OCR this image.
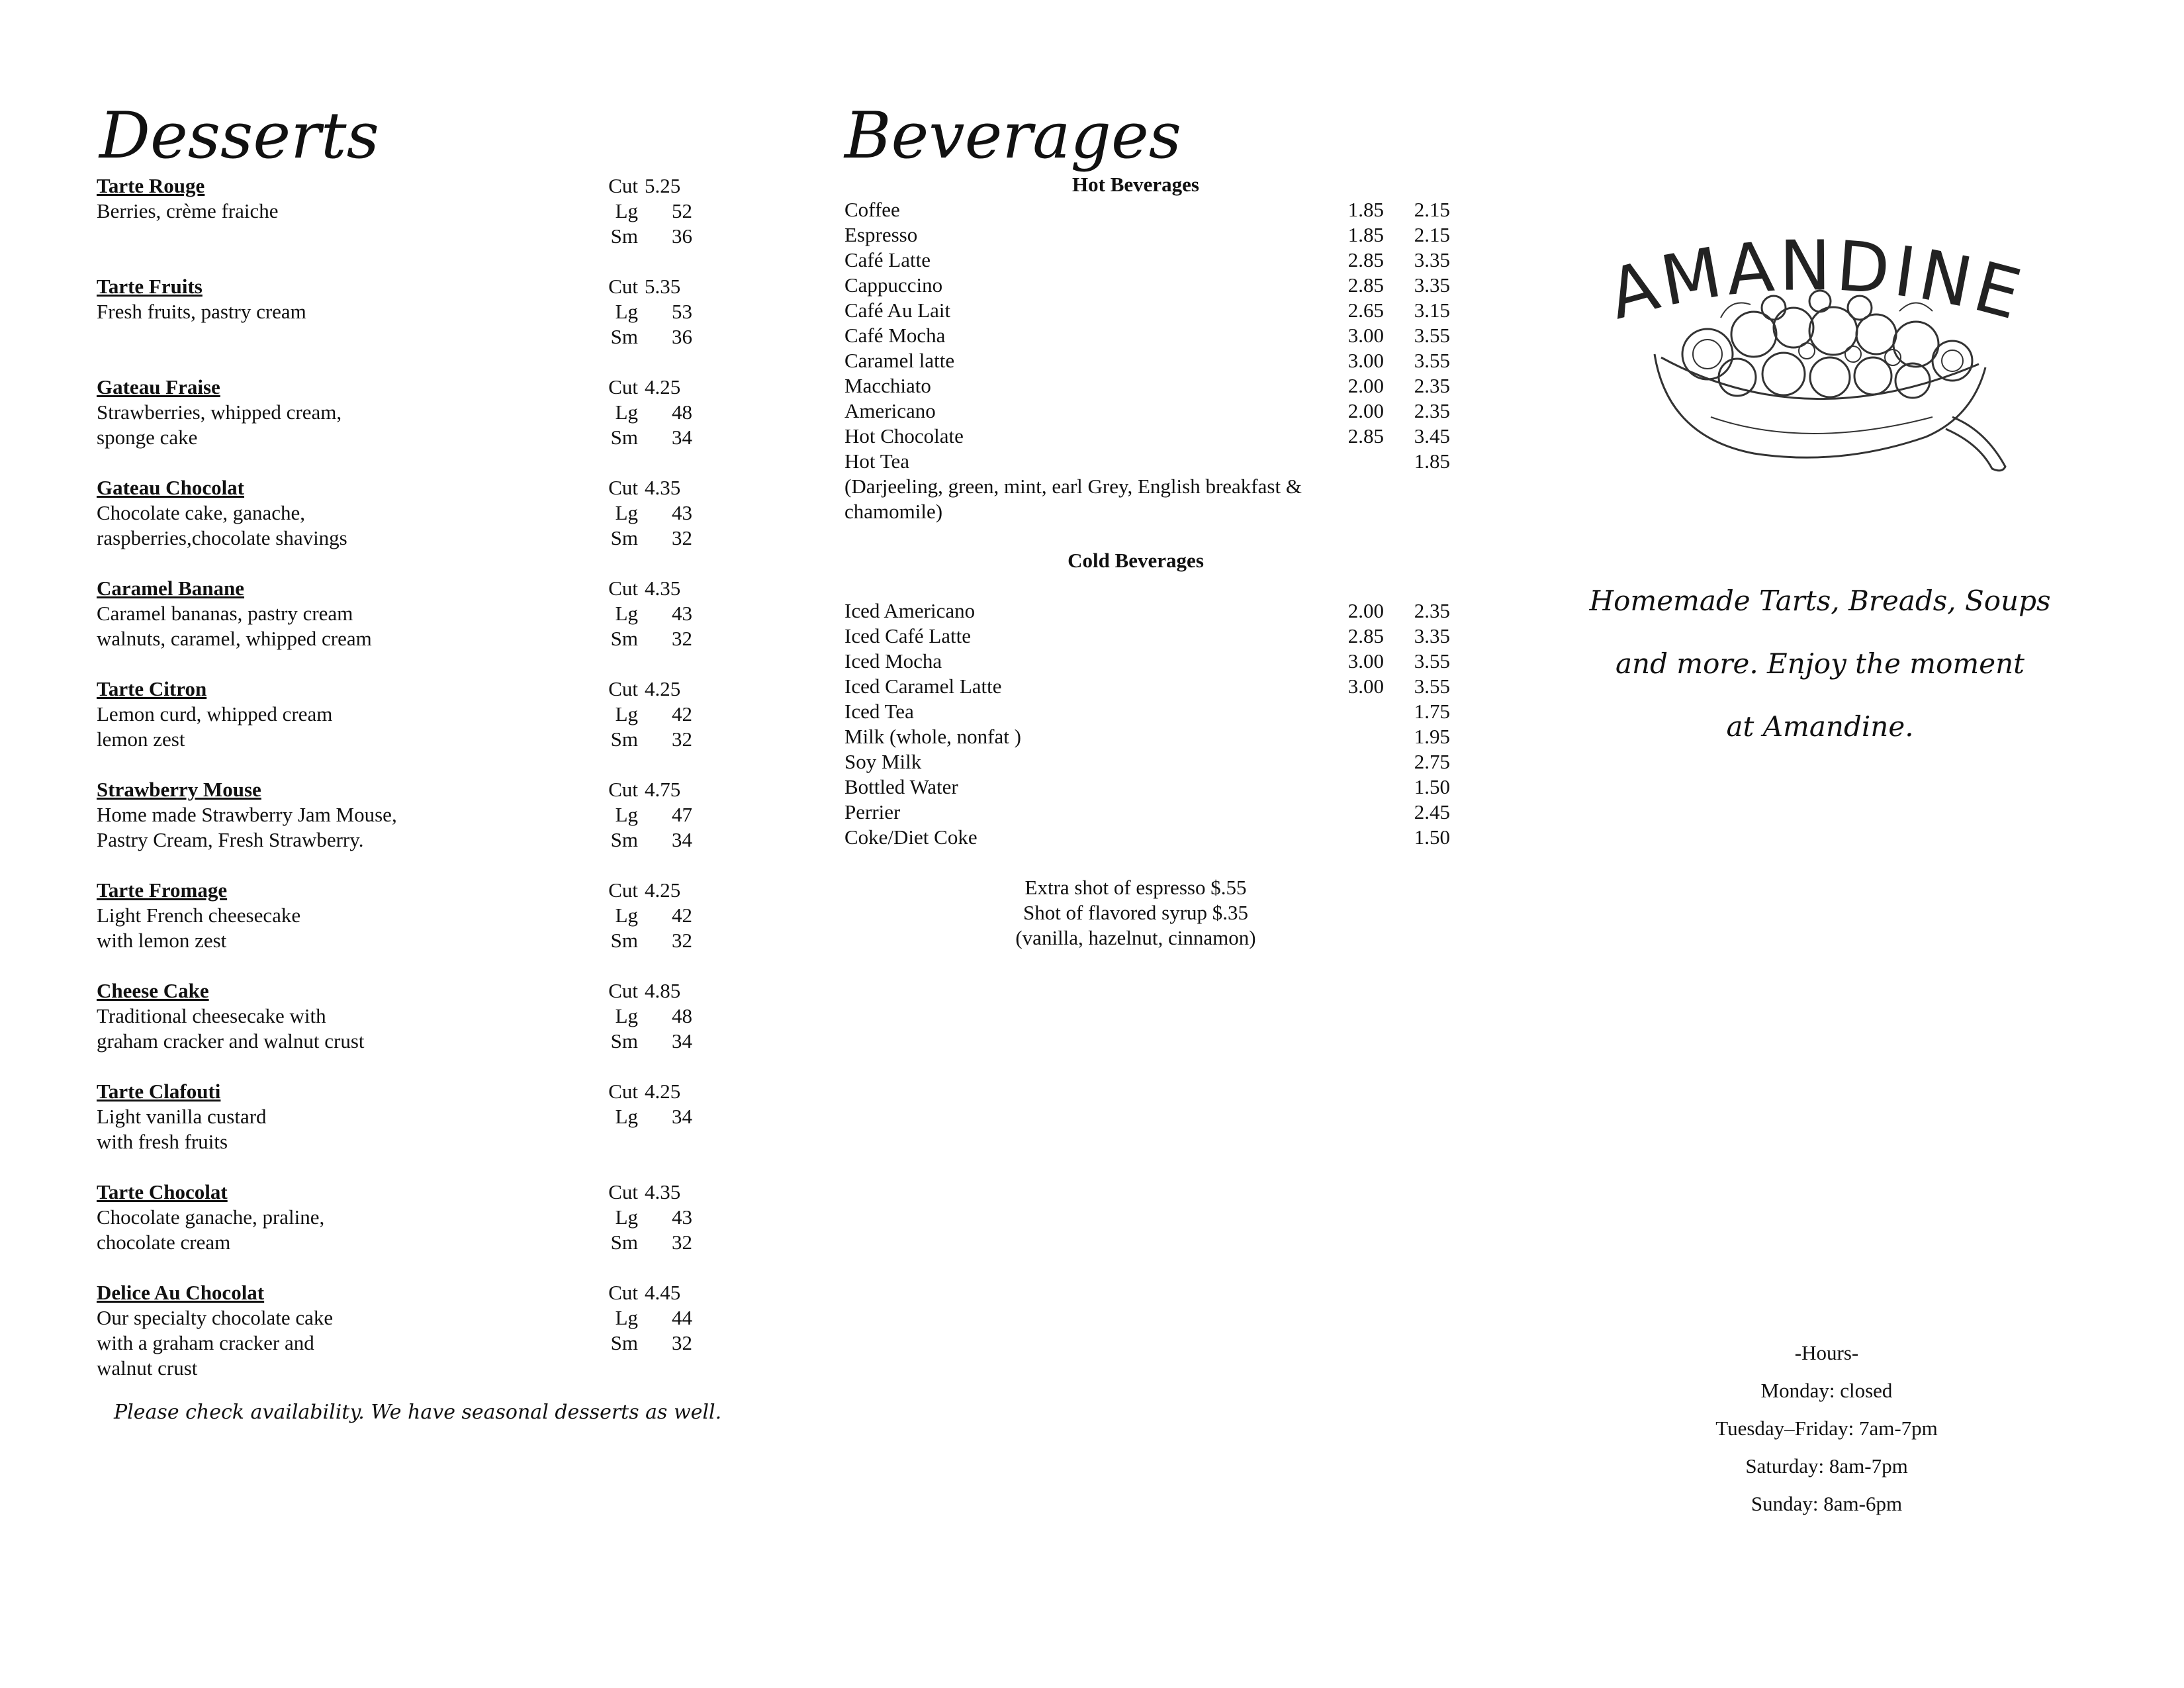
Desserts
Tarte Rouge
Berries, crème fraiche
Cut 5.25
Lg 52
Sm 36
Tarte Fruits
Fresh fruits, pastry cream
Cut 5.35
Lg 53
Sm 36
Gateau Fraise
Strawberries, whipped cream,
sponge cake
Cut 4.25
Lg 48
Sm 34
Gateau Chocolat
Chocolate cake, ganache,
raspberries,chocolate shavings
Cut 4.35
Lg 43
Sm 32
Caramel Banane
Caramel bananas, pastry cream
walnuts, caramel, whipped cream
Cut 4.35
Lg 43
Sm 32
Tarte Citron
Lemon curd, whipped cream
lemon zest
Cut 4.25
Lg 42
Sm 32
Strawberry Mouse
Home made Strawberry Jam Mouse,
Pastry Cream, Fresh Strawberry.
Cut 4.75
Lg 47
Sm 34
Tarte Fromage
Light French cheesecake
with lemon zest
Cut 4.25
Lg 42
Sm 32
Cheese Cake
Traditional cheesecake with
graham cracker and walnut crust
Cut 4.85
Lg 48
Sm 34
Tarte Clafouti
Light vanilla custard
with fresh fruits
Cut 4.25
Lg 34
Tarte Chocolat
Chocolate ganache, praline,
chocolate cream
Cut 4.35
Lg 43
Sm 32
Delice Au Chocolat
Our specialty chocolate cake
with a graham cracker and
walnut crust
Cut 4.45
Lg 44
Sm 32
Please check availability. We have seasonal desserts as well.
Beverages
Hot Beverages
Coffee	1.85	2.15
Espresso	1.85	2.15
Café Latte	2.85	3.35
Cappuccino	2.85	3.35
Café Au Lait	2.65	3.15
Café Mocha	3.00	3.55
Caramel latte	3.00	3.55
Macchiato	2.00	2.35
Americano	2.00	2.35
Hot Chocolate	2.85	3.45
Hot Tea	1.85
(Darjeeling, green, mint, earl Grey, English breakfast & chamomile)
Cold Beverages
Iced Americano	2.00	2.35
Iced Café Latte	2.85	3.35
Iced Mocha	3.00	3.55
Iced Caramel Latte	3.00	3.55
Iced Tea	1.75
Milk (whole, nonfat )	1.95
Soy Milk	2.75
Bottled Water	1.50
Perrier	2.45
Coke/Diet Coke	1.50
Extra shot of espresso $.55
Shot of flavored syrup $.35
(vanilla, hazelnut, cinnamon)
AMANDINE
Homemade Tarts, Breads, Soups
and more. Enjoy the moment
at Amandine.
-Hours-
Monday: closed
Tuesday–Friday: 7am-7pm
Saturday: 8am-7pm
Sunday: 8am-6pm
